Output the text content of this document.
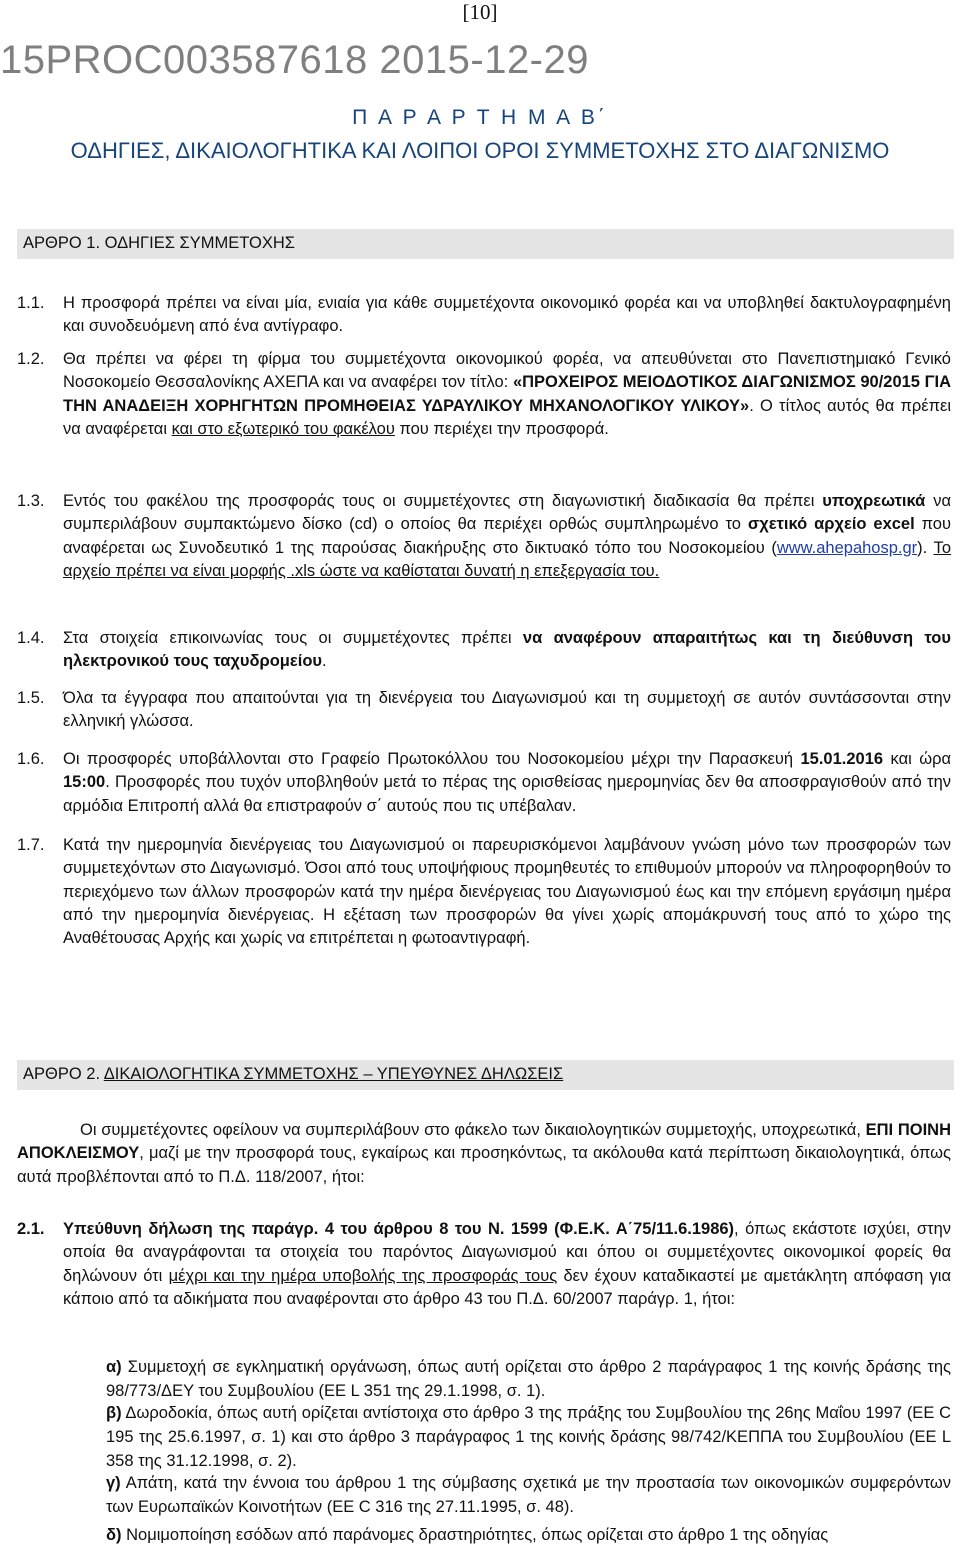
[10]
15PROC003587618 2015-12-29
Π Α Ρ Α Ρ Τ Η Μ Α Β΄
ΟΔΗΓΙΕΣ, ΔΙΚΑΙΟΛΟΓΗΤΙΚΑ ΚΑΙ ΛΟΙΠΟΙ ΟΡΟΙ ΣΥΜΜΕΤΟΧΗΣ ΣΤΟ ΔΙΑΓΩΝΙΣΜΟ
ΑΡΘΡΟ 1. ΟΔΗΓΙΕΣ ΣΥΜΜΕΤΟΧΗΣ
1.1.	Η προσφορά πρέπει να είναι μία, ενιαία για κάθε συμμετέχοντα οικονομικό φορέα και να υποβληθεί δακτυλογραφημένη και συνοδευόμενη από ένα αντίγραφο.
1.2.	Θα πρέπει να φέρει τη φίρμα του συμμετέχοντα οικονομικού φορέα, να απευθύνεται στο Πανεπιστημιακό Γενικό Νοσοκομείο Θεσσαλονίκης ΑΧΕΠΑ και να αναφέρει τον τίτλο: «ΠΡΟΧΕΙΡΟΣ ΜΕΙΟΔΟΤΙΚΟΣ ΔΙΑΓΩΝΙΣΜΟΣ 90/2015 ΓΙΑ ΤΗΝ ΑΝΑΔΕΙΞΗ ΧΟΡΗΓΗΤΩΝ ΠΡΟΜΗΘΕΙΑΣ ΥΔΡΑΥΛΙΚΟΥ ΜΗΧΑΝΟΛΟΓΙΚΟΥ ΥΛΙΚΟΥ». Ο τίτλος αυτός θα πρέπει να αναφέρεται και στο εξωτερικό του φακέλου που περιέχει την προσφορά.
1.3.	Εντός του φακέλου της προσφοράς τους οι συμμετέχοντες στη διαγωνιστική διαδικασία θα πρέπει υποχρεωτικά να συμπεριλάβουν συμπακτώμενο δίσκο (cd) ο οποίος θα περιέχει ορθώς συμπληρωμένο το σχετικό αρχείο excel που αναφέρεται ως Συνοδευτικό 1 της παρούσας διακήρυξης στο δικτυακό τόπο του Νοσοκομείου (www.ahepahosp.gr). Το αρχείο πρέπει να είναι μορφής .xls ώστε να καθίσταται δυνατή η επεξεργασία του.
1.4.	Στα στοιχεία επικοινωνίας τους οι συμμετέχοντες πρέπει να αναφέρουν απαραιτήτως και τη διεύθυνση του ηλεκτρονικού τους ταχυδρομείου.
1.5.	Όλα τα έγγραφα που απαιτούνται για τη διενέργεια του Διαγωνισμού και τη συμμετοχή σε αυτόν συντάσσονται στην ελληνική γλώσσα.
1.6.	Οι προσφορές υποβάλλονται στο Γραφείο Πρωτοκόλλου του Νοσοκομείου μέχρι την Παρασκευή 15.01.2016 και ώρα 15:00. Προσφορές που τυχόν υποβληθούν μετά το πέρας της ορισθείσας ημερομηνίας δεν θα αποσφραγισθούν από την αρμόδια Επιτροπή αλλά θα επιστραφούν σ΄ αυτούς που τις υπέβαλαν.
1.7.	Κατά την ημερομηνία διενέργειας του Διαγωνισμού οι παρευρισκόμενοι λαμβάνουν γνώση μόνο των προσφορών των συμμετεχόντων στο Διαγωνισμό. Όσοι από τους υποψήφιους προμηθευτές το επιθυμούν μπορούν να πληροφορηθούν το περιεχόμενο των άλλων προσφορών κατά την ημέρα διενέργειας του Διαγωνισμού έως και την επόμενη εργάσιμη ημέρα από την ημερομηνία διενέργειας. Η εξέταση των προσφορών θα γίνει χωρίς απομάκρυνσή τους από το χώρο της Αναθέτουσας Αρχής και χωρίς να επιτρέπεται η φωτοαντιγραφή.
ΑΡΘΡΟ 2. ΔΙΚΑΙΟΛΟΓΗΤΙΚΑ ΣΥΜΜΕΤΟΧΗΣ – ΥΠΕΥΘΥΝΕΣ ΔΗΛΩΣΕΙΣ
Οι συμμετέχοντες οφείλουν να συμπεριλάβουν στο φάκελο των δικαιολογητικών συμμετοχής, υποχρεωτικά, ΕΠΙ ΠΟΙΝΗ ΑΠΟΚΛΕΙΣΜΟΥ, μαζί με την προσφορά τους, εγκαίρως και προσηκόντως, τα ακόλουθα κατά περίπτωση δικαιολογητικά, όπως αυτά προβλέπονται από το Π.Δ. 118/2007, ήτοι:
2.1.	Υπεύθυνη δήλωση της παράγρ. 4 του άρθρου 8 του Ν. 1599 (Φ.Ε.Κ. Α΄75/11.6.1986), όπως εκάστοτε ισχύει, στην οποία θα αναγράφονται τα στοιχεία του παρόντος Διαγωνισμού και όπου οι συμμετέχοντες οικονομικοί φορείς θα δηλώνουν ότι μέχρι και την ημέρα υποβολής της προσφοράς τους δεν έχουν καταδικαστεί με αμετάκλητη απόφαση για κάποιο από τα αδικήματα που αναφέρονται στο άρθρο 43 του Π.Δ. 60/2007 παράγρ. 1, ήτοι:
α) Συμμετοχή σε εγκληματική οργάνωση, όπως αυτή ορίζεται στο άρθρο 2 παράγραφος 1 της κοινής δράσης της 98/773/ΔΕΥ του Συμβουλίου (ΕΕ L 351 της 29.1.1998, σ. 1).
β) Δωροδοκία, όπως αυτή ορίζεται αντίστοιχα στο άρθρο 3 της πράξης του Συμβουλίου της 26ης Μαΐου 1997 (ΕΕ C 195 της 25.6.1997, σ. 1) και στο άρθρο 3 παράγραφος 1 της κοινής δράσης 98/742/ΚΕΠΠΑ του Συμβουλίου (ΕΕ L 358 της 31.12.1998, σ. 2).
γ) Απάτη, κατά την έννοια του άρθρου 1 της σύμβασης σχετικά με την προστασία των οικονομικών συμφερόντων των Ευρωπαϊκών Κοινοτήτων (ΕΕ C 316 της 27.11.1995, σ. 48).
δ) Νομιμοποίηση εσόδων από παράνομες δραστηριότητες, όπως ορίζεται στο άρθρο 1 της οδηγίας
